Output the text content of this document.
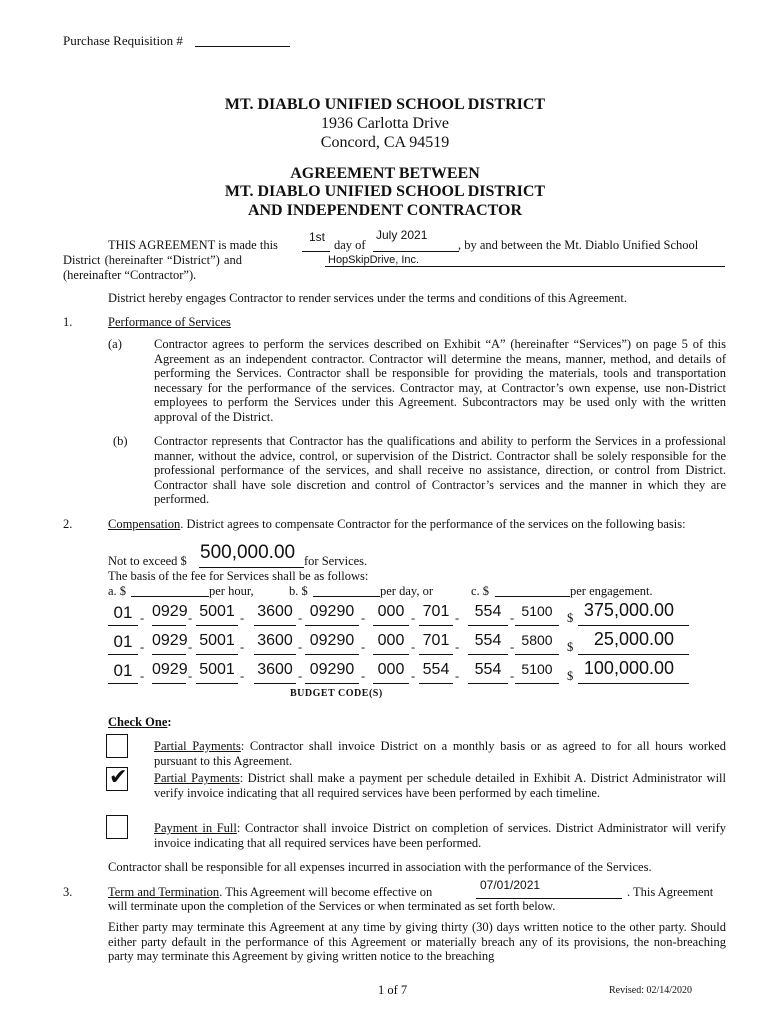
Purchase Requisition #
MT. DIABLO UNIFIED SCHOOL DISTRICT
1936 Carlotta Drive
Concord, CA 94519
AGREEMENT BETWEEN
MT. DIABLO UNIFIED SCHOOL DISTRICT
AND INDEPENDENT CONTRACTOR
THIS AGREEMENT is made this
1st
day of
July 2021
, by and between the Mt. Diablo Unified School
District (hereinafter “District”) and	HopSkipDrive, Inc.
(hereinafter “Contractor”).
District hereby engages Contractor to render services under the terms and conditions of this Agreement.
1.	Performance of Services
(a)	Contractor agrees to perform the services described on Exhibit “A” (hereinafter “Services”) on page 5 of this Agreement as an independent contractor. Contractor will determine the means, manner, method, and details of performing the Services. Contractor shall be responsible for providing the materials, tools and transportation necessary for the performance of the services. Contractor may, at Contractor’s own expense, use non-District employees to perform the Services under this Agreement. Subcontractors may be used only with the written approval of the District.
(b) Contractor represents that Contractor has the qualifications and ability to perform the Services in a professional manner, without the advice, control, or supervision of the District. Contractor shall be solely responsible for the professional performance of the services, and shall receive no assistance, direction, or control from District. Contractor shall have sole discretion and control of Contractor’s services and the manner in which they are performed.
2.	Compensation. District agrees to compensate Contractor for the performance of the services on the following basis:
Not to exceed $ 500,000.00 for Services.
The basis of the fee for Services shall be as follows:
a. $	per hour,	b. $	per day, or	c. $	per engagement.
01 - 0929 - 5001 - 3600 - 09290 - 000 - 701 - 554 - 5100	$ 375,000.00
01 - 0929 - 5001 - 3600 - 09290 - 000 - 701 - 554 - 5800	$	25,000.00
01 - 0929 - 5001 - 3600 - 09290 - 000 - 554 - 554 - 5100	$ 100,000.00
BUDGET CODE(S)
Check One:
Partial Payments: Contractor shall invoice District on a monthly basis or as agreed to for all hours worked pursuant to this Agreement.
✔ Partial Payments: District shall make a payment per schedule detailed in Exhibit A. District Administrator will verify invoice indicating that all required services have been performed by each timeline.
Payment in Full: Contractor shall invoice District on completion of services. District Administrator will verify invoice indicating that all required services have been performed.
Contractor shall be responsible for all expenses incurred in association with the performance of the Services.
3.	Term and Termination. This Agreement will become effective on	07/01/2021	. This Agreement
will terminate upon the completion of the Services or when terminated as set forth below.
Either party may terminate this Agreement at any time by giving thirty (30) days written notice to the other party. Should either party default in the performance of this Agreement or materially breach any of its provisions, the non-breaching party may terminate this Agreement by giving written notice to the breaching
1 of 7	Revised: 02/14/2020
